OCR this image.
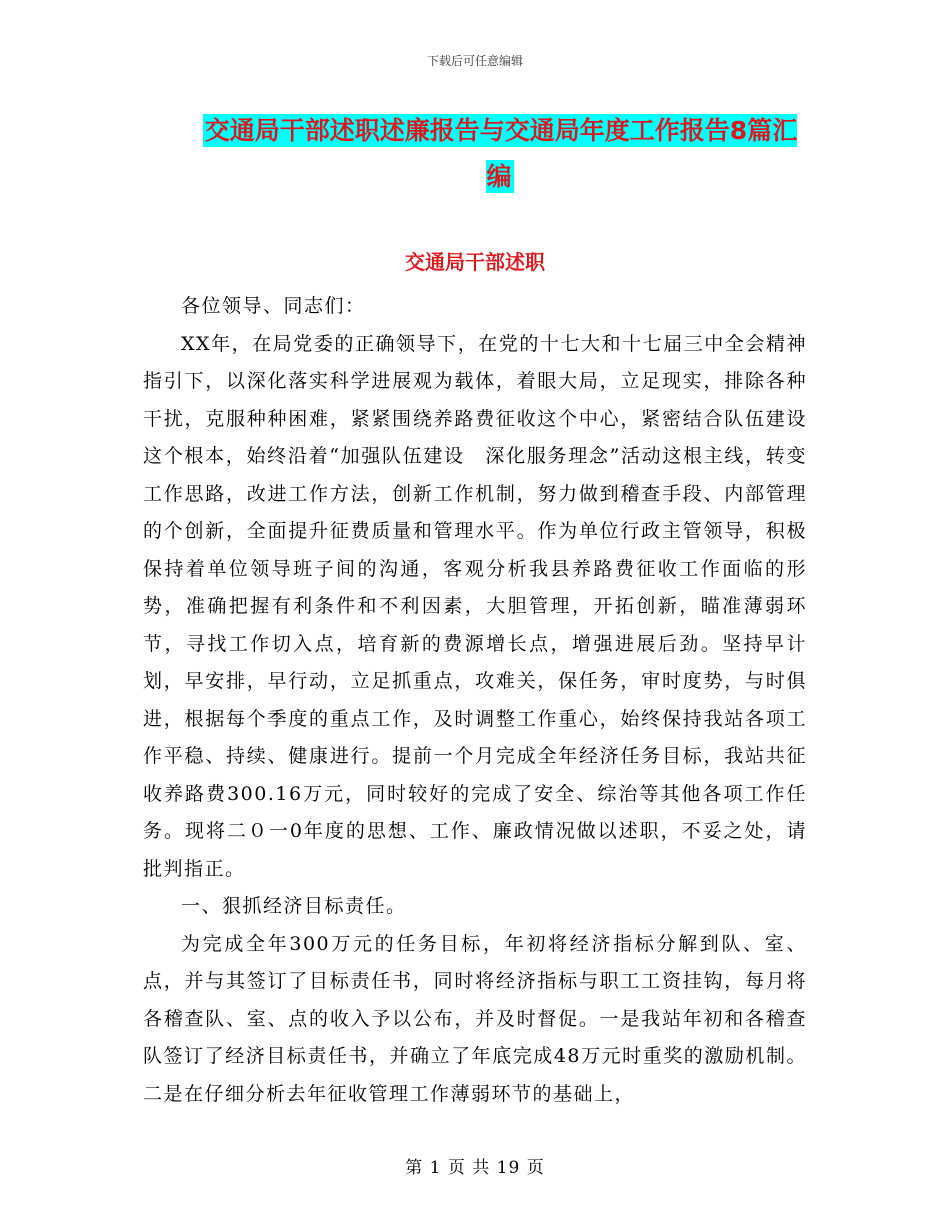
下载后可任意编辑
交通局干部述职述廉报告与交通局年度工作报告8篇汇编
交通局干部述职

各位领导、同志们：

XX年，在局党委的正确领导下，在党的十七大和十七届三中全会精神指引下，以深化落实科学进展观为载体，着眼大局，立足现实，排除各种干扰，克服种种困难，紧紧围绕养路费征收这个中心，紧密结合队伍建设这个根本，始终沿着“加强队伍建设　深化服务理念”活动这根主线，转变工作思路，改进工作方法，创新工作机制，努力做到稽查手段、内部管理的个创新，全面提升征费质量和管理水平。作为单位行政主管领导，积极保持着单位领导班子间的沟通，客观分析我县养路费征收工作面临的形势，准确把握有利条件和不利因素，大胆管理，开拓创新，瞄准薄弱环节，寻找工作切入点，培育新的费源增长点，增强进展后劲。坚持早计划，早安排，早行动，立足抓重点，攻难关，保任务，审时度势，与时俱进，根据每个季度的重点工作，及时调整工作重心，始终保持我站各项工作平稳、持续、健康进行。提前一个月完成全年经济任务目标，我站共征收养路费300.16万元，同时较好的完成了安全、综治等其他各项工作任务。现将二０一0年度的思想、工作、廉政情况做以述职，不妥之处，请批判指正。

一、狠抓经济目标责任。

为完成全年300万元的任务目标，年初将经济指标分解到队、室、点，并与其签订了目标责任书，同时将经济指标与职工工资挂钩，每月将各稽查队、室、点的收入予以公布，并及时督促。一是我站年初和各稽查队签订了经济目标责任书，并确立了年底完成48万元时重奖的激励机制。二是在仔细分析去年征收管理工作薄弱环节的基础上，

第 1 页 共 19 页
